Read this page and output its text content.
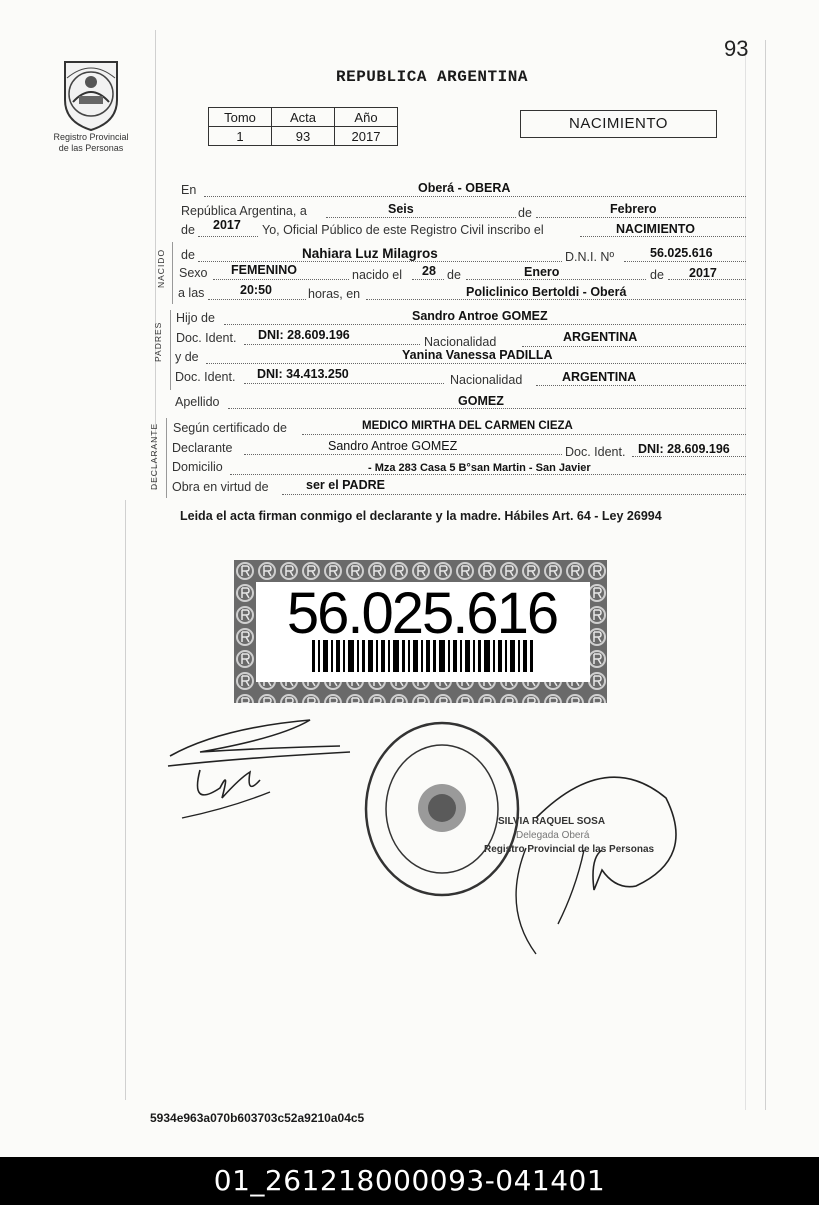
Registro Provincial
de las Personas
93
REPUBLICA ARGENTINA
Tomo	Acta	Año
1	93	2017
NACIMIENTO
NACIDO
PADRES
DECLARANTE
En	Oberá - OBERA
República Argentina, a	Seis	de	Febrero
de 2017 Yo, Oficial Público de este Registro Civil inscribo el	NACIMIENTO
de	Nahiara Luz Milagros	D.N.I. Nº	56.025.616
Sexo FEMENINO	nacido el 28 de	Enero	de 2017
a las	20:50	horas, en	Policlinico Bertoldi - Oberá
Hijo de	Sandro Antroe GOMEZ
Doc. Ident. DNI: 28.609.196	Nacionalidad	ARGENTINA
y de	Yanina Vanessa PADILLA
Doc. Ident. DNI: 34.413.250	Nacionalidad	ARGENTINA
Apellido	GOMEZ
Según certificado de	MEDICO MIRTHA DEL CARMEN CIEZA
Declarante	Sandro Antroe GOMEZ	Doc. Ident. DNI: 28.609.196
Domicilio	- Mza 283 Casa 5 B°san Martin - San Javier
Obra en virtud de	ser el PADRE
Leida el acta firman conmigo el declarante y la madre. Hábiles Art. 64 - Ley 26994
56.025.616
SILVIA RAQUEL SOSA
Delegada Oberá
Registro Provincial de las Personas
5934e963a070b603703c52a9210a04c5
01_261218000093-041401
